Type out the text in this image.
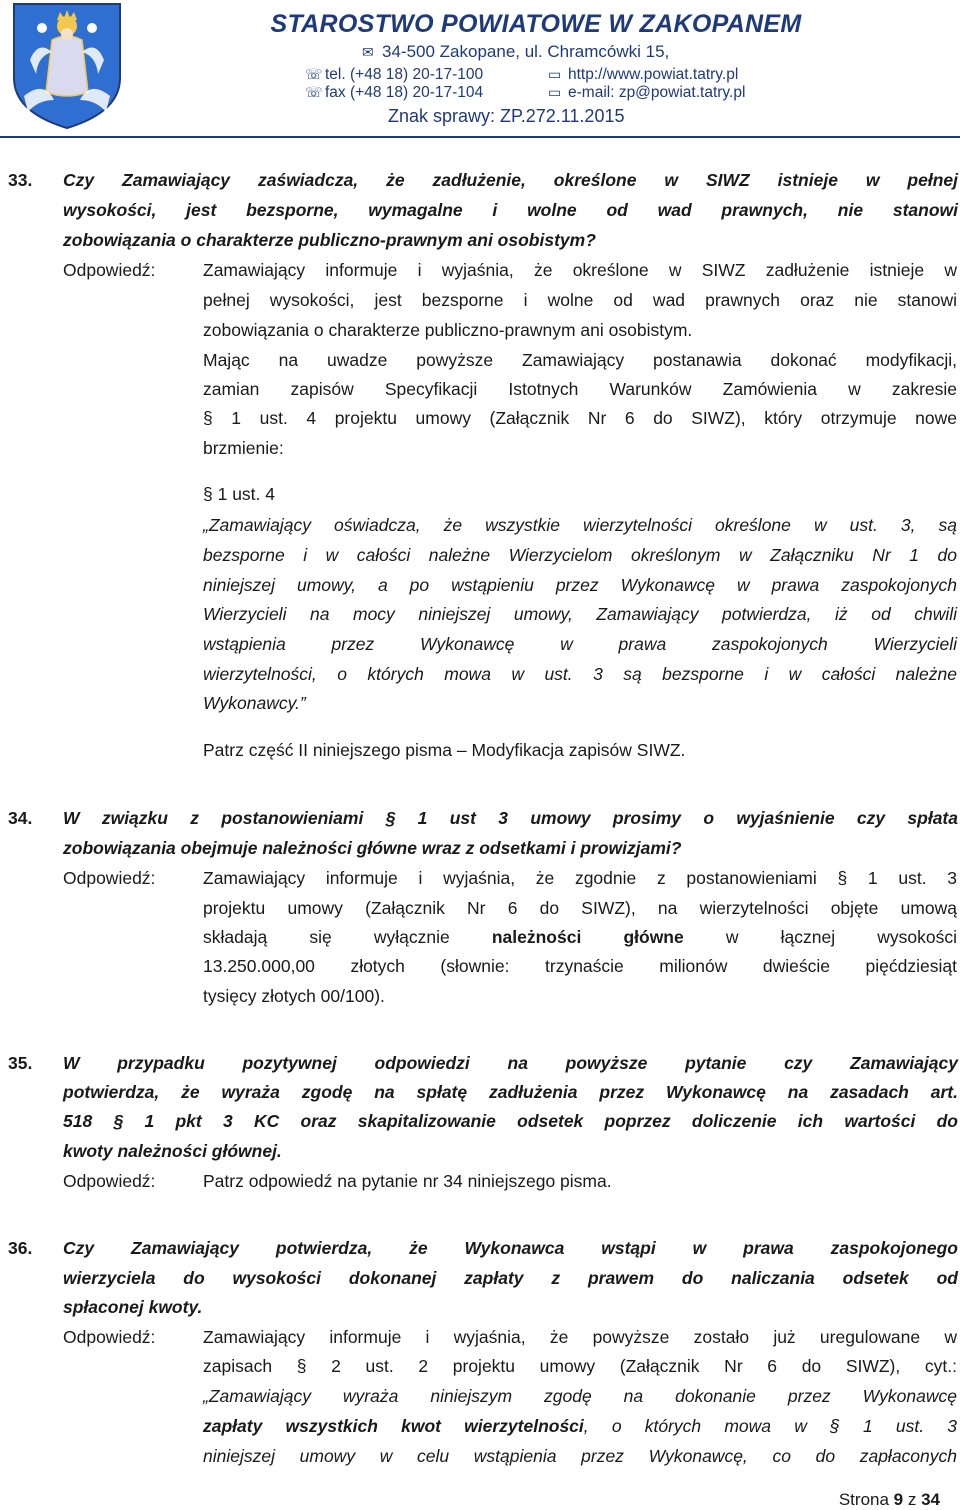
STAROSTWO POWIATOWE W ZAKOPANEM
✉ 34-500 Zakopane, ul. Chramcówki 15,
☏ tel. (+48 18) 20-17-100
☏ fax (+48 18) 20-17-104
▭ http://www.powiat.tatry.pl
▭ e-mail: zp@powiat.tatry.pl
Znak sprawy: ZP.272.11.2015
33. Czy Zamawiający zaświadcza, że zadłużenie, określone w SIWZ istnieje w pełnej
wysokości, jest bezsporne, wymagalne i wolne od wad prawnych, nie stanowi
zobowiązania o charakterze publiczno-prawnym ani osobistym?
Odpowiedź:	Zamawiający informuje i wyjaśnia, że określone w SIWZ zadłużenie istnieje w
pełnej wysokości, jest bezsporne i wolne od wad prawnych oraz nie stanowi
zobowiązania o charakterze publiczno-prawnym ani osobistym.
Mając na uwadze powyższe Zamawiający postanawia dokonać modyfikacji,
zamian zapisów Specyfikacji Istotnych Warunków Zamówienia w zakresie
§ 1 ust. 4 projektu umowy (Załącznik Nr 6 do SIWZ), który otrzymuje nowe
brzmienie:
§ 1 ust. 4
„Zamawiający oświadcza, że wszystkie wierzytelności określone w ust. 3, są
bezsporne i w całości należne Wierzycielom określonym w Załączniku Nr 1 do
niniejszej umowy, a po wstąpieniu przez Wykonawcę w prawa zaspokojonych
Wierzycieli na mocy niniejszej umowy, Zamawiający potwierdza, iż od chwili
wstąpienia przez Wykonawcę w prawa zaspokojonych Wierzycieli
wierzytelności, o których mowa w ust. 3 są bezsporne i w całości należne
Wykonawcy.”
Patrz część II niniejszego pisma – Modyfikacja zapisów SIWZ.
34. W związku z postanowieniami § 1 ust 3 umowy prosimy o wyjaśnienie czy spłata
zobowiązania obejmuje należności główne wraz z odsetkami i prowizjami?
Odpowiedź:	Zamawiający informuje i wyjaśnia, że zgodnie z postanowieniami § 1 ust. 3
projektu umowy (Załącznik Nr 6 do SIWZ), na wierzytelności objęte umową
składają się wyłącznie należności główne w łącznej wysokości
13.250.000,00 złotych (słownie: trzynaście milionów dwieście pięćdziesiąt
tysięcy złotych 00/100).
35. W przypadku pozytywnej odpowiedzi na powyższe pytanie czy Zamawiający
potwierdza, że wyraża zgodę na spłatę zadłużenia przez Wykonawcę na zasadach art.
518 § 1 pkt 3 KC oraz skapitalizowanie odsetek poprzez doliczenie ich wartości do
kwoty należności głównej.
Odpowiedź:	Patrz odpowiedź na pytanie nr 34 niniejszego pisma.
36. Czy Zamawiający potwierdza, że Wykonawca wstąpi w prawa zaspokojonego
wierzyciela do wysokości dokonanej zapłaty z prawem do naliczania odsetek od
spłaconej kwoty.
Odpowiedź:	Zamawiający informuje i wyjaśnia, że powyższe zostało już uregulowane w
zapisach § 2 ust. 2 projektu umowy (Załącznik Nr 6 do SIWZ), cyt.:
„Zamawiający wyraża niniejszym zgodę na dokonanie przez Wykonawcę
zapłaty wszystkich kwot wierzytelności, o których mowa w § 1 ust. 3
niniejszej umowy w celu wstąpienia przez Wykonawcę, co do zapłaconych
Strona 9 z 34
